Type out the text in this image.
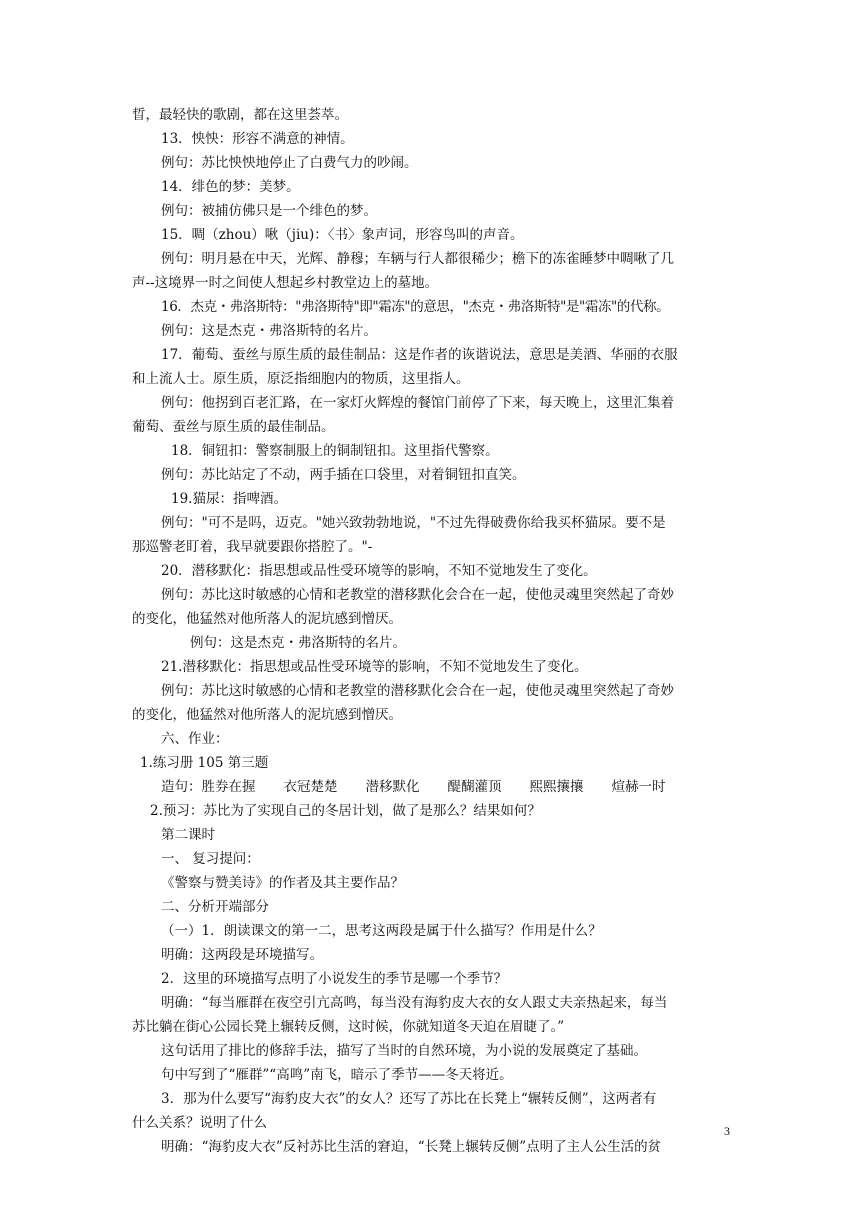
晢，最轻快的歌剧，都在这里荟萃。
13．怏怏：形容不满意的神情。
例句：苏比怏怏地停止了白费气力的吵闹。
14．绯色的梦：美梦。
例句：被捕仿佛只是一个绯色的梦。
15．啁（zhou）啾（jiu)：〈书〉象声词，形容鸟叫的声音。
例句：明月悬在中天，光辉、静穆；车辆与行人都很稀少；檐下的冻雀睡梦中啁啾了几
声--这境界一时之间使人想起乡村教堂边上的墓地。
16．杰克・弗洛斯特："弗洛斯特"即"霜冻"的意思，"杰克・弗洛斯特"是"霜冻"的代称。
例句：这是杰克・弗洛斯特的名片。
17．葡萄、蚕丝与原生质的最佳制品：这是作者的诙谐说法，意思是美酒、华丽的衣服
和上流人士。原生质，原泛指细胞内的物质，这里指人。
例句：他拐到百老汇路，在一家灯火辉煌的餐馆门前停了下来，每天晚上，这里汇集着
葡萄、蚕丝与原生质的最佳制品。
18．铜钮扣：警察制服上的铜制钮扣。这里指代警察。
例句：苏比站定了不动，两手插在口袋里，对着铜钮扣直笑。
19.猫尿：指啤酒。
例句："可不是吗，迈克。"她兴致勃勃地说，"不过先得破费你给我买杯猫尿。要不是
那巡警老盯着，我早就要跟你搭腔了。"-
20．潜移默化：指思想或品性受环境等的影响，不知不觉地发生了变化。
例句：苏比这时敏感的心情和老教堂的潜移默化会合在一起，使他灵魂里突然起了奇妙
的变化，他猛然对他所落人的泥坑感到憎厌。
例句：这是杰克・弗洛斯特的名片。
21.潜移默化：指思想或品性受环境等的影响，不知不觉地发生了变化。
例句：苏比这时敏感的心情和老教堂的潜移默化会合在一起，使他灵魂里突然起了奇妙
的变化，他猛然对他所落人的泥坑感到憎厌。
六、作业：
1.练习册 105 第三题
造句：胜券在握 衣冠楚楚 潜移默化 醍醐灌顶 熙熙攘攘 煊赫一时
2.预习：苏比为了实现自己的冬居计划，做了是那么？结果如何？
第二课时
一、 复习提问：
《警察与赞美诗》的作者及其主要作品？
二、分析开端部分
（一）1．朗读课文的第一二，思考这两段是属于什么描写？作用是什么？
明确：这两段是环境描写。
2．这里的环境描写点明了小说发生的季节是哪一个季节？
明确：“每当雁群在夜空引亢高鸣，每当没有海豹皮大衣的女人跟丈夫亲热起来，每当
苏比躺在街心公园长凳上辗转反侧，这时候，你就知道冬天迫在眉睫了。”
这句话用了排比的修辞手法，描写了当时的自然环境，为小说的发展奠定了基础。
句中写到了“雁群”“高鸣”南飞，暗示了季节——冬天将近。
3．那为什么要写“海豹皮大衣”的女人？还写了苏比在长凳上“辗转反侧”，这两者有
什么关系？说明了什么
明确：“海豹皮大衣”反衬苏比生活的窘迫，“长凳上辗转反侧”点明了主人公生活的贫
3
